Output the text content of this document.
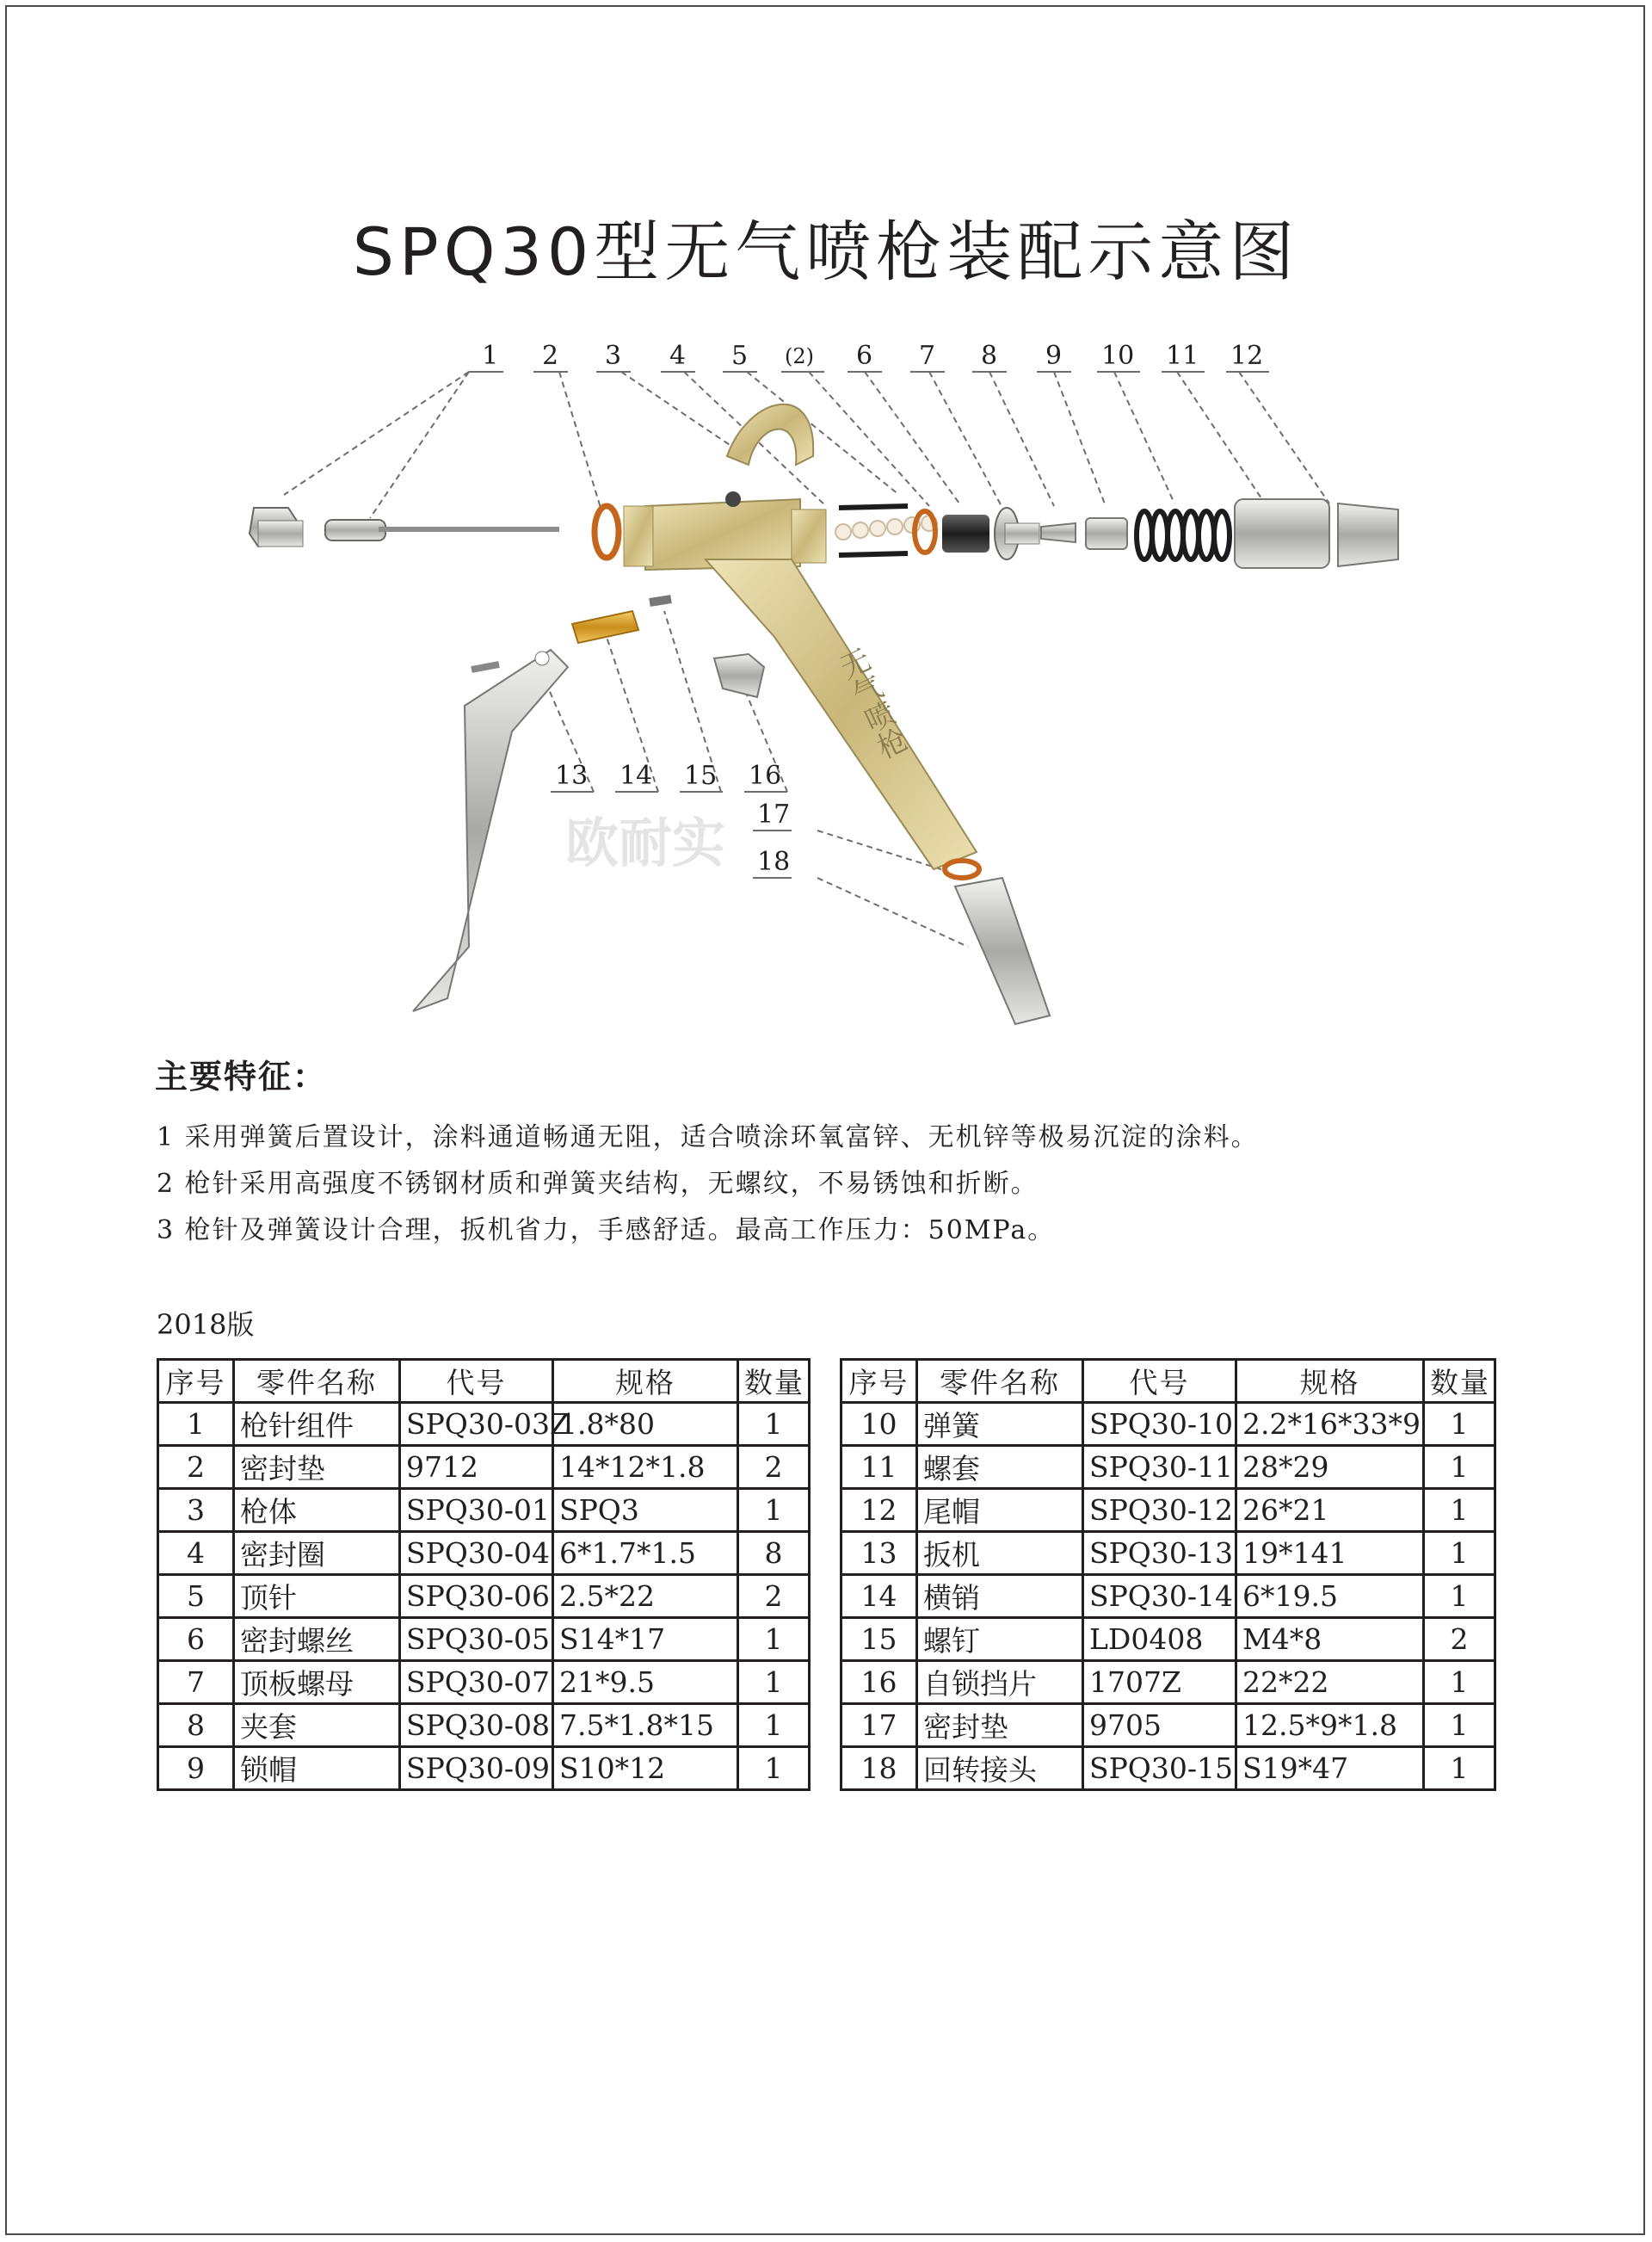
SPQ30型无气喷枪装配示意图
1 2 3 4 5 (2) 6 7 8 9 10 11 12
13 14 15 16
17
18
欧耐实
无气喷枪
主要特征：
1 采用弹簧后置设计，涂料通道畅通无阻，适合喷涂环氧富锌、无机锌等极易沉淀的涂料。
2 枪针采用高强度不锈钢材质和弹簧夹结构，无螺纹，不易锈蚀和折断。
3 枪针及弹簧设计合理，扳机省力，手感舒适。最高工作压力：50MPa。
2018版
序号	零件名称	代号	规格	数量
1	枪针组件	SPQ30-03Z	1.8*80	1
2	密封垫	9712	14*12*1.8	2
3	枪体	SPQ30-01	SPQ3	1
4	密封圈	SPQ30-04	6*1.7*1.5	8
5	顶针	SPQ30-06	2.5*22	2
6	密封螺丝	SPQ30-05	S14*17	1
7	顶板螺母	SPQ30-07	21*9.5	1
8	夹套	SPQ30-08	7.5*1.8*15	1
9	锁帽	SPQ30-09	S10*12	1
序号	零件名称	代号	规格	数量
10	弹簧	SPQ30-10	2.2*16*33*9	1
11	螺套	SPQ30-11	28*29	1
12	尾帽	SPQ30-12	26*21	1
13	扳机	SPQ30-13	19*141	1
14	横销	SPQ30-14	6*19.5	1
15	螺钉	LD0408	M4*8	2
16	自锁挡片	1707Z	22*22	1
17	密封垫	9705	12.5*9*1.8	1
18	回转接头	SPQ30-15	S19*47	1
